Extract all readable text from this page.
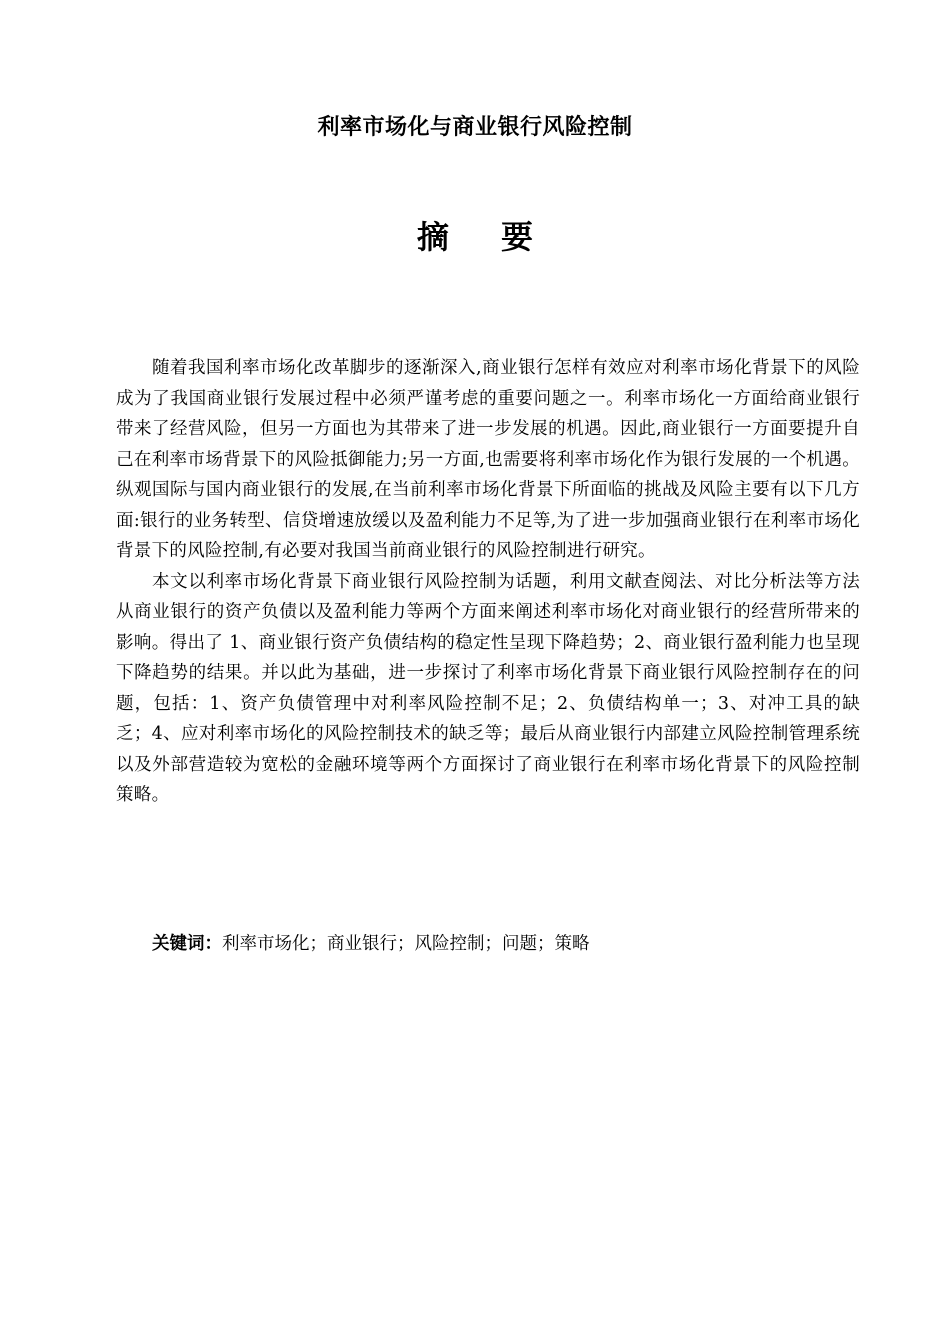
利率市场化与商业银行风险控制
摘 要

随着我国利率市场化改革脚步的逐渐深入,商业银行怎样有效应对利率市场化背景下的风险成为了我国商业银行发展过程中必须严谨考虑的重要问题之一。利率市场化一方面给商业银行带来了经营风险，但另一方面也为其带来了进一步发展的机遇。因此,商业银行一方面要提升自己在利率市场背景下的风险抵御能力;另一方面,也需要将利率市场化作为银行发展的一个机遇。纵观国际与国内商业银行的发展,在当前利率市场化背景下所面临的挑战及风险主要有以下几方面:银行的业务转型、信贷增速放缓以及盈利能力不足等,为了进一步加强商业银行在利率市场化背景下的风险控制,有必要对我国当前商业银行的风险控制进行研究。

本文以利率市场化背景下商业银行风险控制为话题，利用文献查阅法、对比分析法等方法从商业银行的资产负债以及盈利能力等两个方面来阐述利率市场化对商业银行的经营所带来的影响。得出了 1、商业银行资产负债结构的稳定性呈现下降趋势；2、商业银行盈利能力也呈现下降趋势的结果。并以此为基础，进一步探讨了利率市场化背景下商业银行风险控制存在的问题，包括：1、资产负债管理中对利率风险控制不足；2、负债结构单一；3、对冲工具的缺乏；4、应对利率市场化的风险控制技术的缺乏等；最后从商业银行内部建立风险控制管理系统以及外部营造较为宽松的金融环境等两个方面探讨了商业银行在利率市场化背景下的风险控制策略。

关键词：利率市场化；商业银行；风险控制；问题；策略
